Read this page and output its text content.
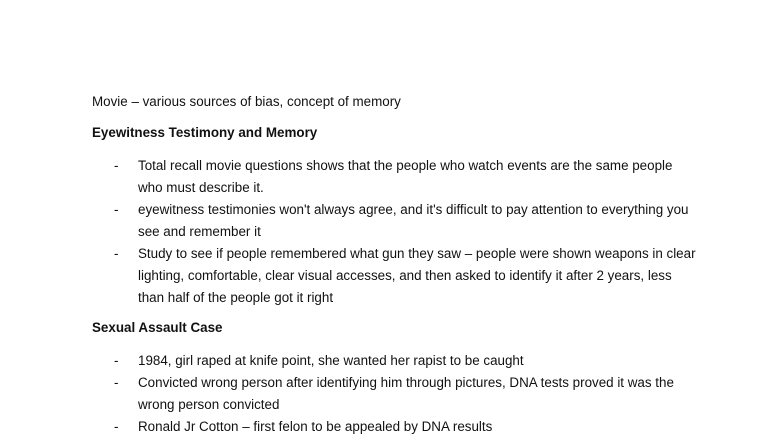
Movie – various sources of bias, concept of memory
Eyewitness Testimony and Memory
- Total recall movie questions shows that the people who watch events are the same people who must describe it.
- eyewitness testimonies won't always agree, and it's difficult to pay attention to everything you see and remember it
- Study to see if people remembered what gun they saw – people were shown weapons in clear lighting, comfortable, clear visual accesses, and then asked to identify it after 2 years, less than half of the people got it right
Sexual Assault Case
- 1984, girl raped at knife point, she wanted her rapist to be caught
- Convicted wrong person after identifying him through pictures, DNA tests proved it was the wrong person convicted
- Ronald Jr Cotton – first felon to be appealed by DNA results
